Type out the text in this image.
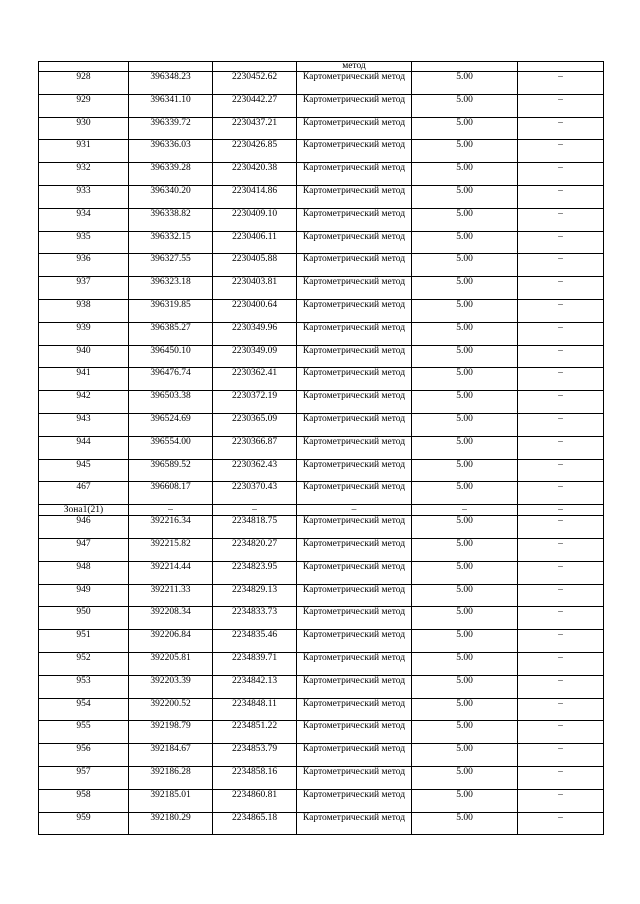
			метод		
928	396348.23	2230452.62	Картометрический метод	5.00	–
929	396341.10	2230442.27	Картометрический метод	5.00	–
930	396339.72	2230437.21	Картометрический метод	5.00	–
931	396336.03	2230426.85	Картометрический метод	5.00	–
932	396339.28	2230420.38	Картометрический метод	5.00	–
933	396340.20	2230414.86	Картометрический метод	5.00	–
934	396338.82	2230409.10	Картометрический метод	5.00	–
935	396332.15	2230406.11	Картометрический метод	5.00	–
936	396327.55	2230405.88	Картометрический метод	5.00	–
937	396323.18	2230403.81	Картометрический метод	5.00	–
938	396319.85	2230400.64	Картометрический метод	5.00	–
939	396385.27	2230349.96	Картометрический метод	5.00	–
940	396450.10	2230349.09	Картометрический метод	5.00	–
941	396476.74	2230362.41	Картометрический метод	5.00	–
942	396503.38	2230372.19	Картометрический метод	5.00	–
943	396524.69	2230365.09	Картометрический метод	5.00	–
944	396554.00	2230366.87	Картометрический метод	5.00	–
945	396589.52	2230362.43	Картометрический метод	5.00	–
467	396608.17	2230370.43	Картометрический метод	5.00	–
Зона1(21)	–	–	–	–	–
946	392216.34	2234818.75	Картометрический метод	5.00	–
947	392215.82	2234820.27	Картометрический метод	5.00	–
948	392214.44	2234823.95	Картометрический метод	5.00	–
949	392211.33	2234829.13	Картометрический метод	5.00	–
950	392208.34	2234833.73	Картометрический метод	5.00	–
951	392206.84	2234835.46	Картометрический метод	5.00	–
952	392205.81	2234839.71	Картометрический метод	5.00	–
953	392203.39	2234842.13	Картометрический метод	5.00	–
954	392200.52	2234848.11	Картометрический метод	5.00	–
955	392198.79	2234851.22	Картометрический метод	5.00	–
956	392184.67	2234853.79	Картометрический метод	5.00	–
957	392186.28	2234858.16	Картометрический метод	5.00	–
958	392185.01	2234860.81	Картометрический метод	5.00	–
959	392180.29	2234865.18	Картометрический метод	5.00	–
